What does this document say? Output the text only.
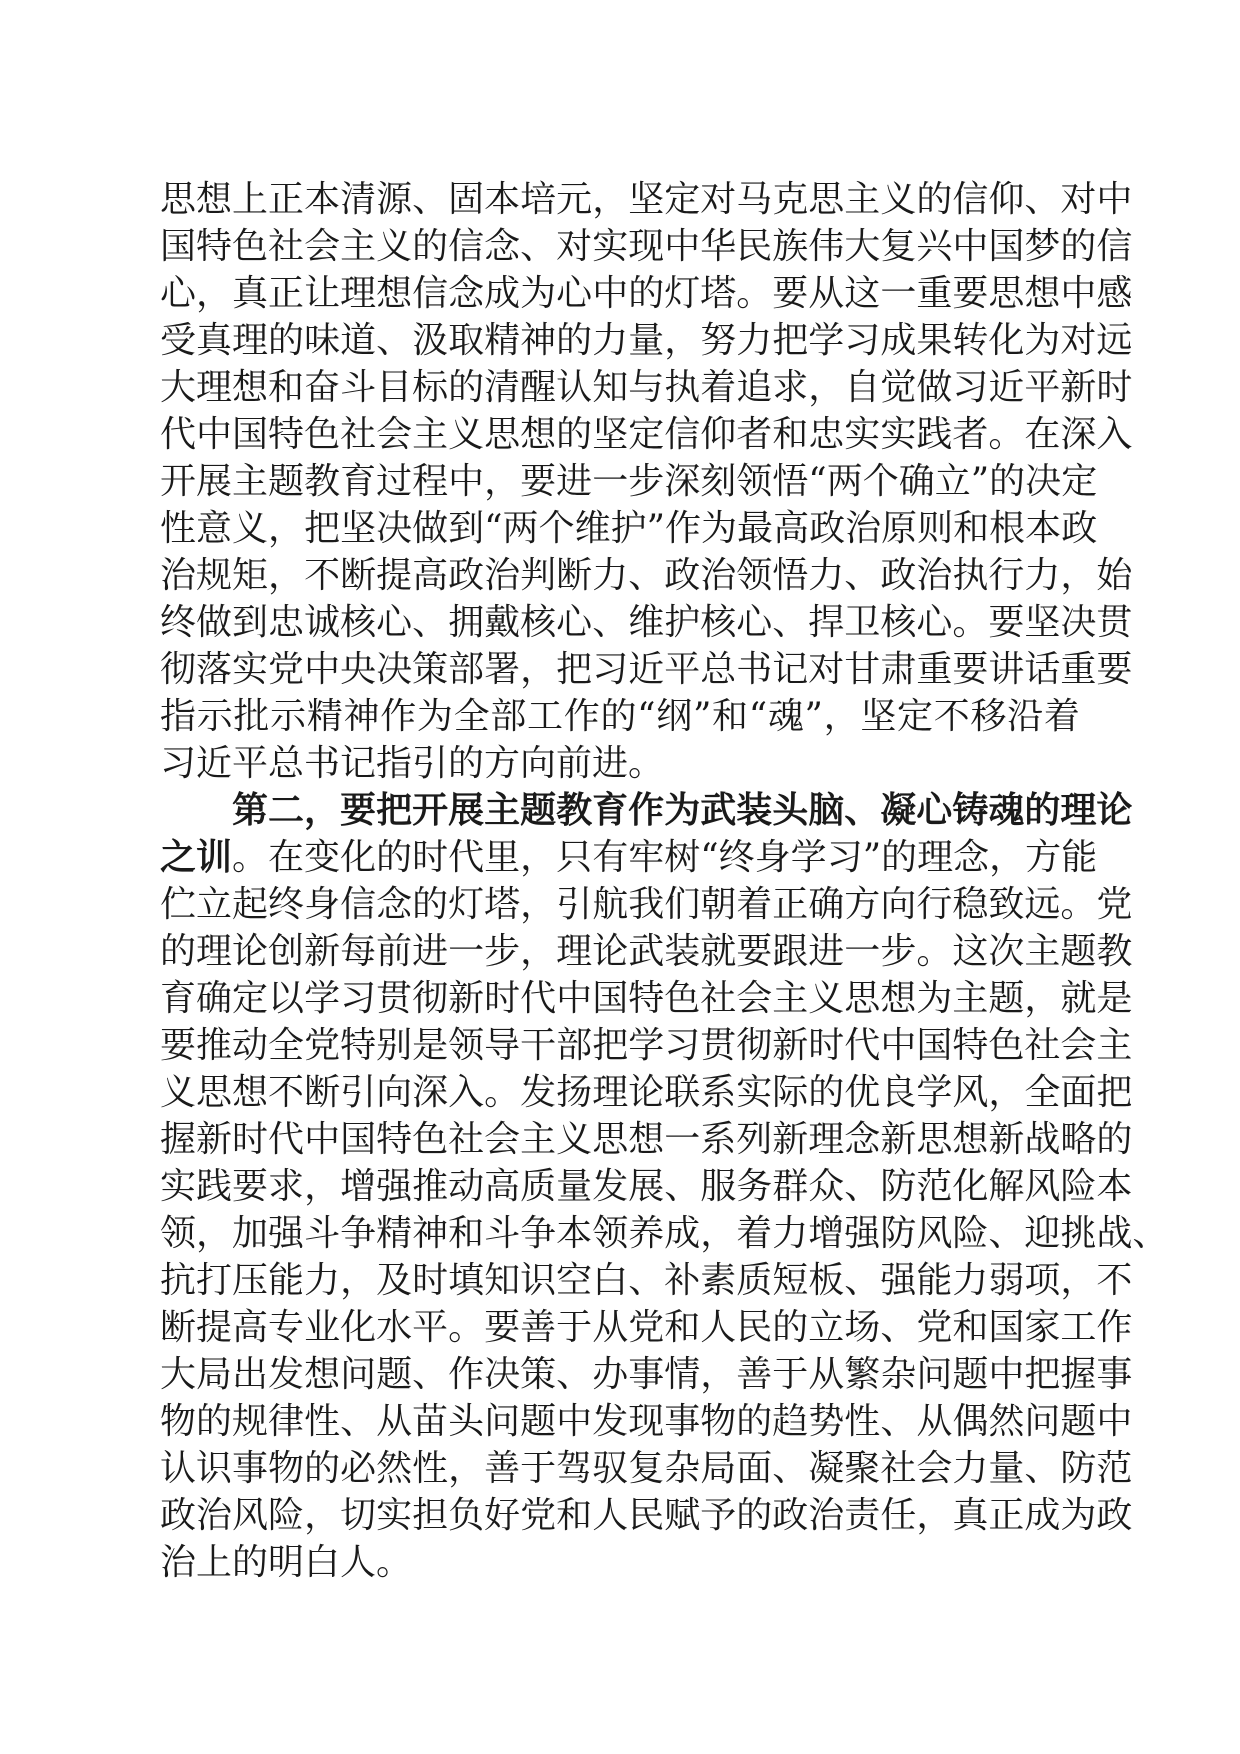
思 想 上 正 本 清 源 、 固 本 培 元 ， 坚 定 对 马 克 思 主 义 的 信 仰 、 对 中
国 特 色 社 会 主 义 的 信 念 、 对 实 现 中 华 民 族 伟 大 复 兴 中 国 梦 的 信
心 ， 真 正 让 理 想 信 念 成 为 心 中 的 灯 塔 。 要 从 这 一 重 要 思 想 中 感
受 真 理 的 味 道 、 汲 取 精 神 的 力 量 ， 努 力 把 学 习 成 果 转 化 为 对 远
大 理 想 和 奋 斗 目 标 的 清 醒 认 知 与 执 着 追 求 ， 自 觉 做 习 近 平 新 时
代 中 国 特 色 社 会 主 义 思 想 的 坚 定 信 仰 者 和 忠 实 实 践 者 。 在 深 入
开 展 主 题 教 育 过 程 中 ， 要 进 一 步 深 刻 领 悟 “ 两 个 确 立 ” 的 决 定
性 意 义 ， 把 坚 决 做 到 “ 两 个 维 护 ” 作 为 最 高 政 治 原 则 和 根 本 政
治 规 矩 ， 不 断 提 高 政 治 判 断 力 、 政 治 领 悟 力 、 政 治 执 行 力 ， 始
终 做 到 忠 诚 核 心 、 拥 戴 核 心 、 维 护 核 心 、 捍 卫 核 心 。 要 坚 决 贯
彻 落 实 党 中 央 决 策 部 署 ， 把 习 近 平 总 书 记 对 甘 肃 重 要 讲 话 重 要
指 示 批 示 精 神 作 为 全 部 工 作 的 “ 纲 ” 和 “ 魂 ” ， 坚 定 不 移 沿 着
习近平总书记指引的方向前进。
第 二 ， 要 把 开 展 主 题 教 育 作 为 武 装 头 脑 、 凝 心 铸 魂 的 理 论
之 训 。 在 变 化 的 时 代 里 ， 只 有 牢 树 “ 终 身 学 习 ” 的 理 念 ， 方 能
伫 立 起 终 身 信 念 的 灯 塔 ， 引 航 我 们 朝 着 正 确 方 向 行 稳 致 远 。 党
的 理 论 创 新 每 前 进 一 步 ， 理 论 武 装 就 要 跟 进 一 步 。 这 次 主 题 教
育 确 定 以 学 习 贯 彻 新 时 代 中 国 特 色 社 会 主 义 思 想 为 主 题 ， 就 是
要 推 动 全 党 特 别 是 领 导 干 部 把 学 习 贯 彻 新 时 代 中 国 特 色 社 会 主
义 思 想 不 断 引 向 深 入 。 发 扬 理 论 联 系 实 际 的 优 良 学 风 ， 全 面 把
握 新 时 代 中 国 特 色 社 会 主 义 思 想 一 系 列 新 理 念 新 思 想 新 战 略 的
实 践 要 求 ， 增 强 推 动 高 质 量 发 展 、 服 务 群 众 、 防 范 化 解 风 险 本
领 ， 加 强 斗 争 精 神 和 斗 争 本 领 养 成 ， 着 力 增 强 防 风 险 、 迎 挑 战 、
抗 打 压 能 力 ， 及 时 填 知 识 空 白 、 补 素 质 短 板 、 强 能 力 弱 项 ， 不
断 提 高 专 业 化 水 平 。 要 善 于 从 党 和 人 民 的 立 场 、 党 和 国 家 工 作
大 局 出 发 想 问 题 、 作 决 策 、 办 事 情 ， 善 于 从 繁 杂 问 题 中 把 握 事
物 的 规 律 性 、 从 苗 头 问 题 中 发 现 事 物 的 趋 势 性 、 从 偶 然 问 题 中
认 识 事 物 的 必 然 性 ， 善 于 驾 驭 复 杂 局 面 、 凝 聚 社 会 力 量 、 防 范
政 治 风 险 ， 切 实 担 负 好 党 和 人 民 赋 予 的 政 治 责 任 ， 真 正 成 为 政
治上的明白人。
